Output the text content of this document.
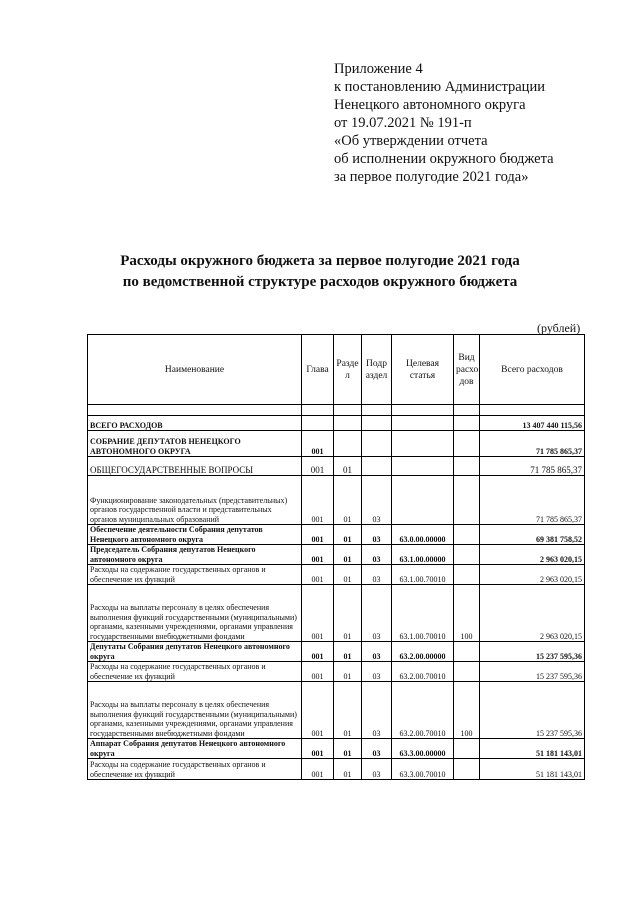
Приложение 4
к постановлению Администрации
Ненецкого автономного округа
от 19.07.2021 № 191-п
«Об утверждении отчета
об исполнении окружного бюджета
за первое полугодие 2021 года»
Расходы окружного бюджета за первое полугодие 2021 года
по ведомственной структуре расходов окружного бюджета
(рублей)
Наименование	Глава	Разде л	Подр аздел	Целевая статья	Вид расхо дов	Всего расходов

ВСЕГО РАСХОДОВ						13 407 440 115,56
СОБРАНИЕ ДЕПУТАТОВ НЕНЕЦКОГО АВТОНОМНОГО ОКРУГА	001					71 785 865,37
ОБЩЕГОСУДАРСТВЕННЫЕ ВОПРОСЫ	001	01				71 785 865,37
Функционирование законодательных (представительных) органов государственной власти и представительных органов муниципальных образований	001	01	03			71 785 865,37
Обеспечение деятельности Собрания депутатов Ненецкого автономного округа	001	01	03	63.0.00.00000		69 381 758,52
Председатель Собрания депутатов Ненецкого автономного округа	001	01	03	63.1.00.00000		2 963 020,15
Расходы на содержание государственных органов и обеспечение их функций	001	01	03	63.1.00.70010		2 963 020,15
Расходы на выплаты персоналу в целях обеспечения выполнения функций государственными (муниципальными) органами, казенными учреждениями, органами управления государственными внебюджетными фондами	001	01	03	63.1.00.70010	100	2 963 020,15
Депутаты Собрания депутатов Ненецкого автономного округа	001	01	03	63.2.00.00000		15 237 595,36
Расходы на содержание государственных органов и обеспечение их функций	001	01	03	63.2.00.70010		15 237 595,36
Расходы на выплаты персоналу в целях обеспечения выполнения функций государственными (муниципальными) органами, казенными учреждениями, органами управления государственными внебюджетными фондами	001	01	03	63.2.00.70010	100	15 237 595,36
Аппарат Собрания депутатов Ненецкого автономного округа	001	01	03	63.3.00.00000		51 181 143,01
Расходы на содержание государственных органов и обеспечение их функций	001	01	03	63.3.00.70010		51 181 143,01
